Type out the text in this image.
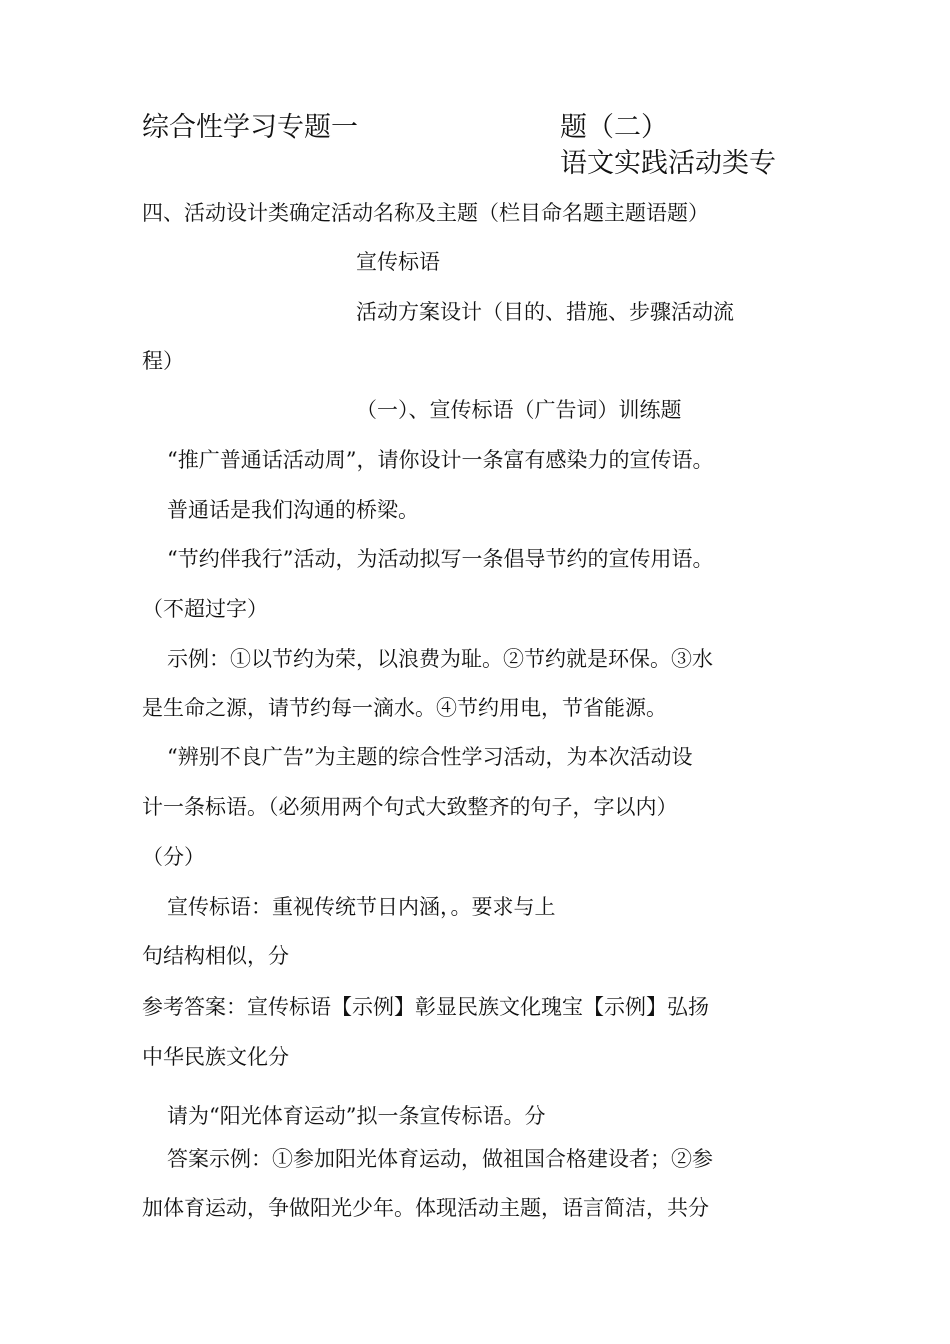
综合性学习专题一	题（二）
语文实践活动类专
四、活动设计类确定活动名称及主题（栏目命名题主题语题）
宣传标语
活动方案设计（目的、措施、步骤活动流
程）
（一）、宣传标语（广告词）训练题
“推广普通话活动周”，请你设计一条富有感染力的宣传语。
普通话是我们沟通的桥梁。
“节约伴我行”活动，为活动拟写一条倡导节约的宣传用语。
（不超过字）
示例：①以节约为荣，以浪费为耻。②节约就是环保。③水
是生命之源，请节约每一滴水。④节约用电，节省能源。
“辨别不良广告”为主题的综合性学习活动，为本次活动设
计一条标语。（必须用两个句式大致整齐的句子，字以内）
（分）
宣传标语：重视传统节日内涵，。要求与上
句结构相似，分
参考答案：宣传标语【示例】彰显民族文化瑰宝【示例】弘扬
中华民族文化分
请为“阳光体育运动”拟一条宣传标语。分
答案示例：①参加阳光体育运动，做祖国合格建设者；②参
加体育运动，争做阳光少年。体现活动主题，语言简洁，共分
